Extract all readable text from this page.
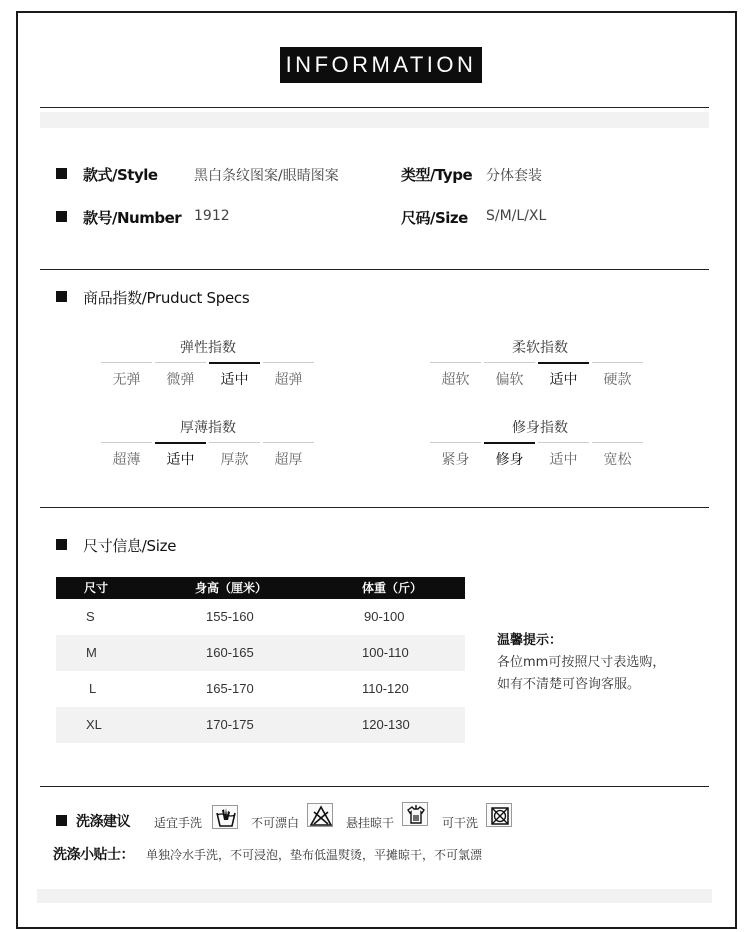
INFORMATION
款式/Style	黑白条纹图案/眼睛图案	类型/Type 分体套装
款号/Number 1912	尺码/Size S/M/L/XL
商品指数/Pruduct Specs
弹性指数
无弹	微弹	适中	超弹
柔软指数
超软	偏软	适中	硬款
厚薄指数
超薄	适中	厚款	超厚
修身指数
紧身	修身	适中	宽松
尺寸信息/Size
尺寸	身高（厘米）	体重（斤）
S	155-160	90-100
M	160-165	100-110
L	165-170	110-120
XL	170-175	120-130
温馨提示：
各位mm可按照尺寸表选购，
如有不清楚可咨询客服。
洗涤建议 适宜手洗	不可漂白	悬挂晾干	可干洗
洗涤小贴士： 单独冷水手洗，不可浸泡，垫布低温熨烫，平摊晾干，不可氯漂
